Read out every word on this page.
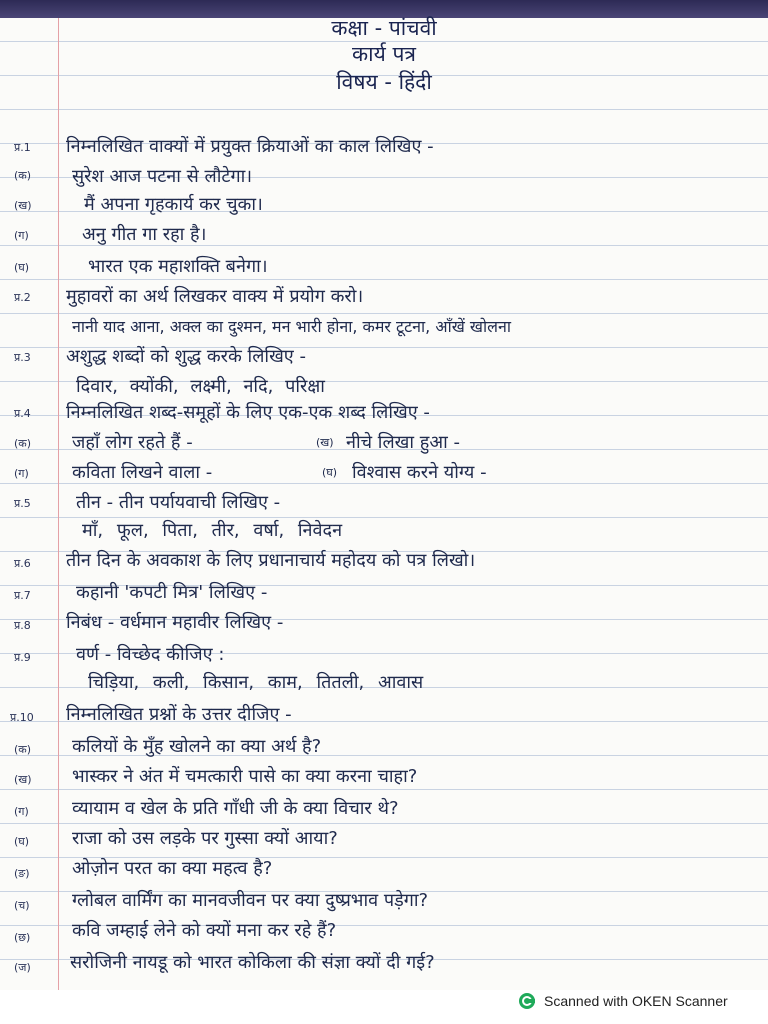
कक्षा - पांचवी
कार्य पत्र
विषय - हिंदी
प्र.1 निम्नलिखित वाक्यों में प्रयुक्त क्रियाओं का काल लिखिए -
(क) सुरेश आज पटना से लौटेगा।
(ख)	मैं अपना गृहकार्य कर चुका।
(ग)	अनु गीत गा रहा है।
(घ)	भारत एक महाशक्ति बनेगा।
प्र.2 मुहावरों का अर्थ लिखकर वाक्य में प्रयोग करो।
नानी याद आना, अक्ल का दुश्मन, मन भारी होना, कमर टूटना, आँखें खोलना
प्र.3 अशुद्ध शब्दों को शुद्ध करके लिखिए -
दिवार, क्योंकी, लक्ष्मी, नदि, परिक्षा
प्र.4 निम्नलिखित शब्द-समूहों के लिए एक-एक शब्द लिखिए -
(क) जहाँ लोग रहते हैं -	(ख) नीचे लिखा हुआ -
(ग) कविता लिखने वाला -	(घ) विश्वास करने योग्य -
प्र.5	तीन - तीन पर्यायवाची लिखिए -
माँ, फूल, पिता, तीर, वर्षा, निवेदन
प्र.6 तीन दिन के अवकाश के लिए प्रधानाचार्य महोदय को पत्र लिखो।
प्र.7	कहानी 'कपटी मित्र' लिखिए -
प्र.8 निबंध - वर्धमान महावीर लिखिए -
प्र.9	वर्ण - विच्छेद कीजिए :
चिड़िया, कली, किसान, काम, तितली, आवास
प्र.10 निम्नलिखित प्रश्नों के उत्तर दीजिए -
(क) कलियों के मुँह खोलने का क्या अर्थ है?
(ख) भास्कर ने अंत में चमत्कारी पासे का क्या करना चाहा?
(ग) व्यायाम व खेल के प्रति गाँधी जी के क्या विचार थे?
(घ) राजा को उस लड़के पर गुस्सा क्यों आया?
(ङ) ओज़ोन परत का क्या महत्व है?
(च) ग्लोबल वार्मिंग का मानवजीवन पर क्या दुष्प्रभाव पड़ेगा?
(छ) कवि जम्हाई लेने को क्यों मना कर रहे हैं?
(ज) सरोजिनी नायडू को भारत कोकिला की संज्ञा क्यों दी गई?
Scanned with OKEN Scanner
